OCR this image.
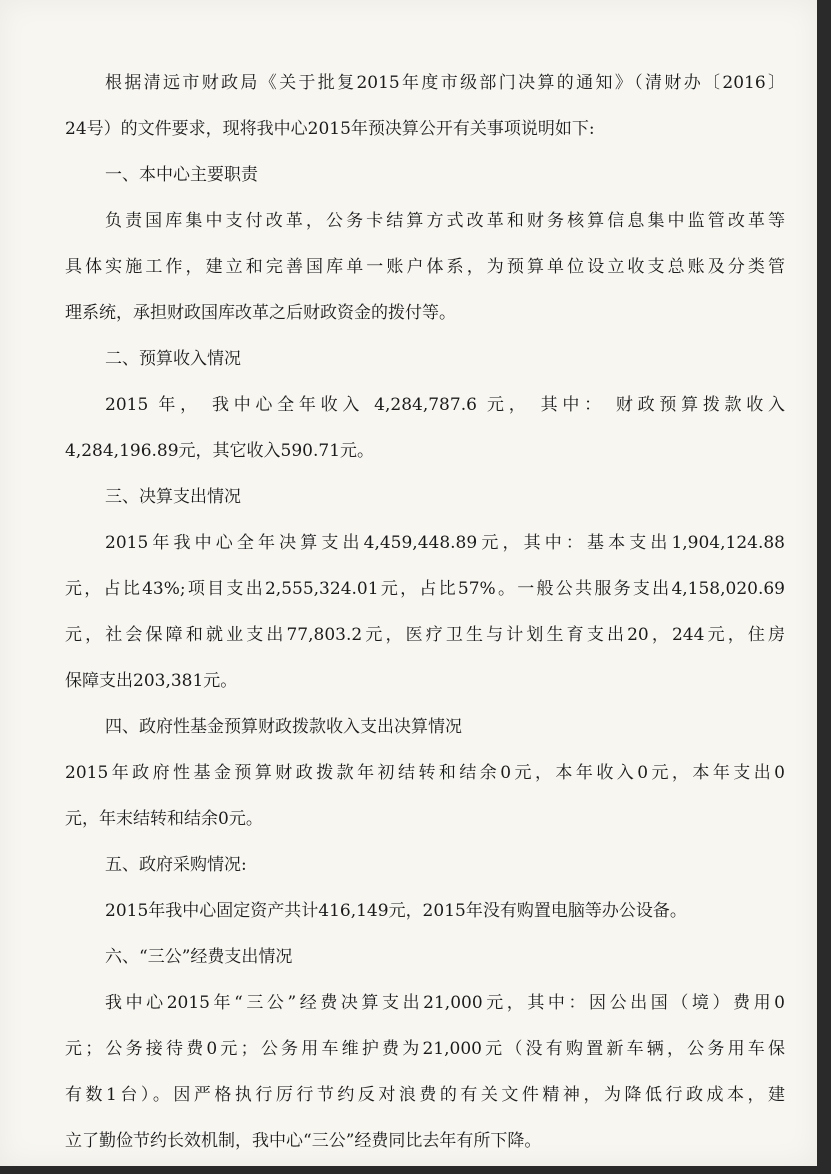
根据清远市财政局《关于批复2015年度市级部门决算的通知》（清财办〔2016〕
24号）的文件要求，现将我中心2015年预决算公开有关事项说明如下:
一、本中心主要职责
负责国库集中支付改革，公务卡结算方式改革和财务核算信息集中监管改革等
具体实施工作，建立和完善国库单一账户体系，为预算单位设立收支总账及分类管
理系统，承担财政国库改革之后财政资金的拨付等。
二、预算收入情况
2015 年， 我中心全年收入 4,284,787.6 元， 其中： 财政预算拨款收入
4,284,196.89元，其它收入590.71元。
三、决算支出情况
2015年我中心全年决算支出4,459,448.89元，其中：基本支出1,904,124.88
元，占比43%;项目支出2,555,324.01元，占比57%。一般公共服务支出4,158,020.69
元，社会保障和就业支出77,803.2元，医疗卫生与计划生育支出20，244元，住房
保障支出203,381元。
四、政府性基金预算财政拨款收入支出决算情况
2015年政府性基金预算财政拨款年初结转和结余0元，本年收入0元，本年支出0
元，年末结转和结余0元。
五、政府采购情况:
2015年我中心固定资产共计416,149元，2015年没有购置电脑等办公设备。
六、“三公”经费支出情况
我中心2015年“三公”经费决算支出21,000元，其中：因公出国（境）费用0
元；公务接待费0元；公务用车维护费为21,000元（没有购置新车辆，公务用车保
有数1台）。因严格执行厉行节约反对浪费的有关文件精神，为降低行政成本，建
立了勤俭节约长效机制，我中心“三公”经费同比去年有所下降。
